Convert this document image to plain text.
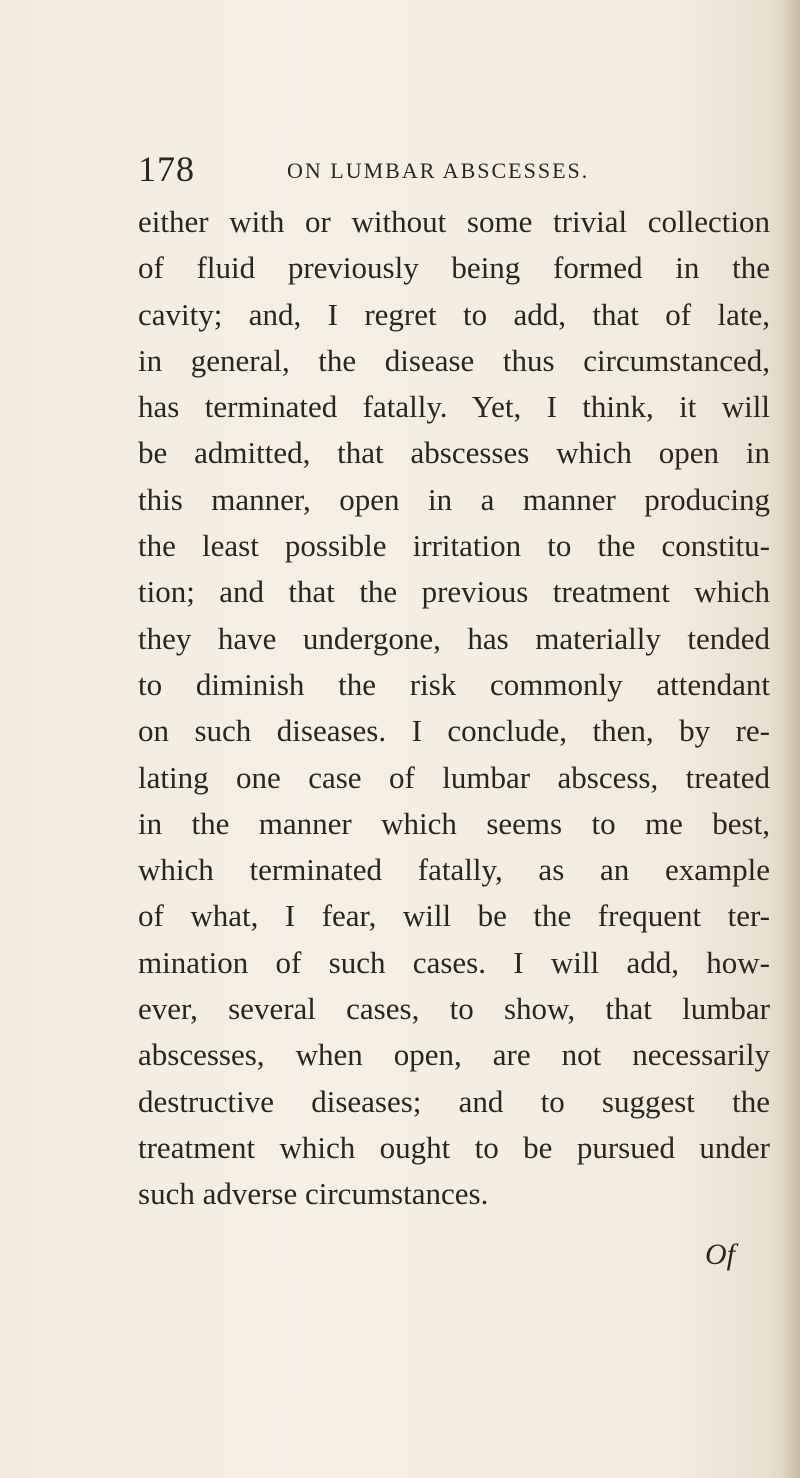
178	ON LUMBAR ABSCESSES.
either with or without some trivial collection
of fluid previously being formed in the
cavity; and, I regret to add, that of late,
in general, the disease thus circumstanced,
has terminated fatally. Yet, I think, it will
be admitted, that abscesses which open in
this manner, open in a manner producing
the least possible irritation to the constitu-
tion; and that the previous treatment which
they have undergone, has materially tended
to diminish the risk commonly attendant
on such diseases. I conclude, then, by re-
lating one case of lumbar abscess, treated
in the manner which seems to me best,
which terminated fatally, as an example
of what, I fear, will be the frequent ter-
mination of such cases. I will add, how-
ever, several cases, to show, that lumbar
abscesses, when open, are not necessarily
destructive diseases; and to suggest the
treatment which ought to be pursued under
such adverse circumstances.
Of
